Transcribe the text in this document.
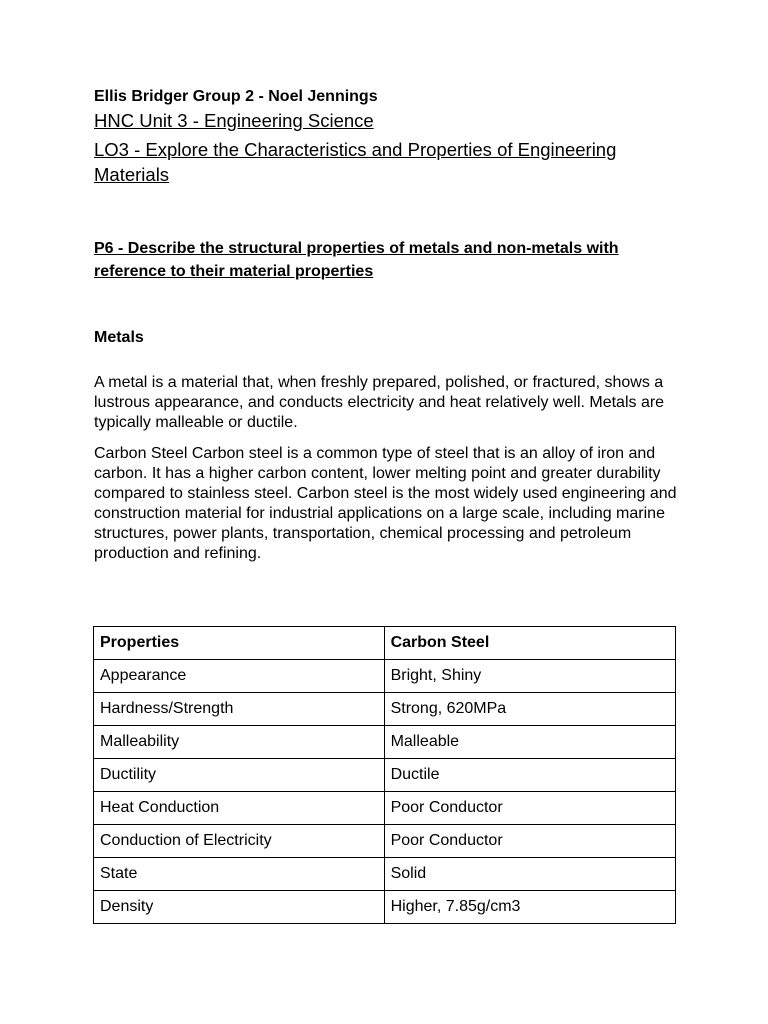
Ellis Bridger Group 2 - Noel Jennings
HNC Unit 3 - Engineering Science
LO3 - Explore the Characteristics and Properties of Engineering Materials
P6 - Describe the structural properties of metals and non-metals with reference to their material properties
Metals
A metal is a material that, when freshly prepared, polished, or fractured, shows a lustrous appearance, and conducts electricity and heat relatively well. Metals are typically malleable or ductile.
Carbon Steel Carbon steel is a common type of steel that is an alloy of iron and carbon. It has a higher carbon content, lower melting point and greater durability compared to stainless steel. Carbon steel is the most widely used engineering and construction material for industrial applications on a large scale, including marine structures, power plants, transportation, chemical processing and petroleum production and refining.
Properties	Carbon Steel
Appearance	Bright, Shiny
Hardness/Strength	Strong, 620MPa
Malleability	Malleable
Ductility	Ductile
Heat Conduction	Poor Conductor
Conduction of Electricity	Poor Conductor
State	Solid
Density	Higher, 7.85g/cm3
